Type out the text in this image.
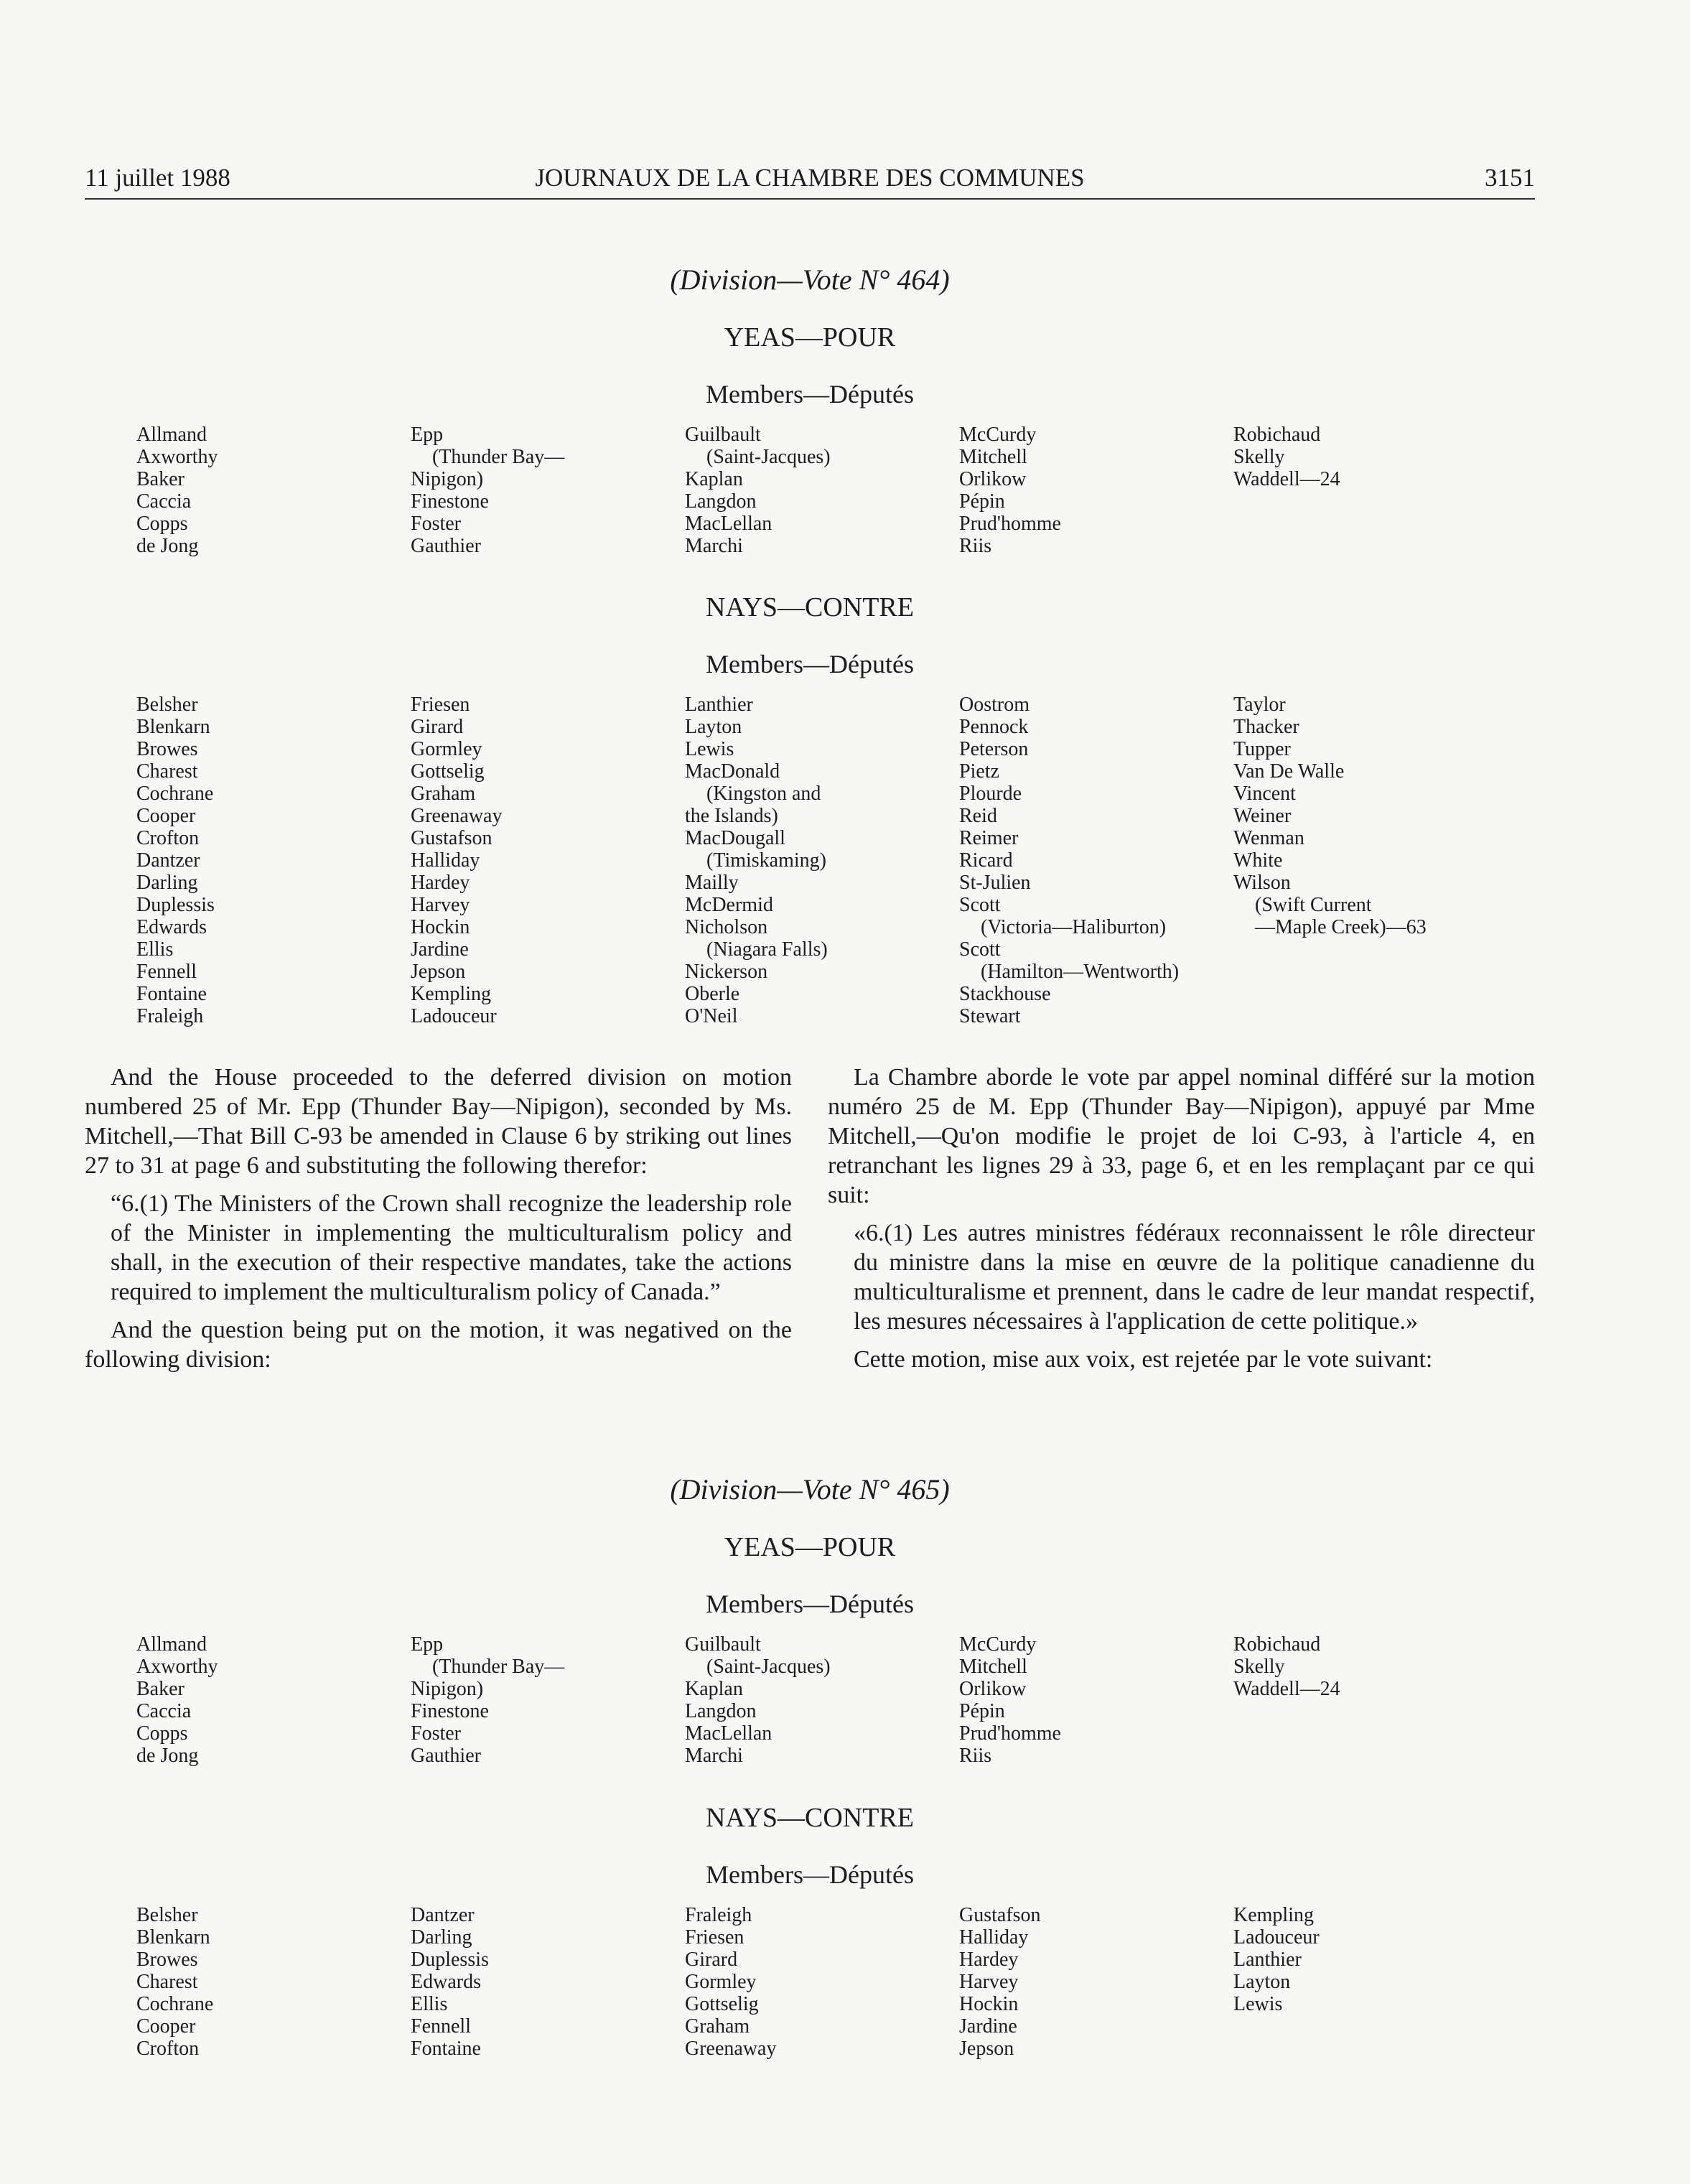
11 juillet 1988	JOURNAUX DE LA CHAMBRE DES COMMUNES	3151
(Division—Vote N° 464)
YEAS—POUR
Members—Députés
Allmand
Axworthy
Baker
Caccia
Copps
de Jong
Epp
(Thunder Bay—
Nipigon)
Finestone
Foster
Gauthier
Guilbault
(Saint-Jacques)
Kaplan
Langdon
MacLellan
Marchi
McCurdy
Mitchell
Orlikow
Pépin
Prud'homme
Riis
Robichaud
Skelly
Waddell—24
NAYS—CONTRE
Members—Députés
Belsher
Blenkarn
Browes
Charest
Cochrane
Cooper
Crofton
Dantzer
Darling
Duplessis
Edwards
Ellis
Fennell
Fontaine
Fraleigh
Friesen
Girard
Gormley
Gottselig
Graham
Greenaway
Gustafson
Halliday
Hardey
Harvey
Hockin
Jardine
Jepson
Kempling
Ladouceur
Lanthier
Layton
Lewis
MacDonald
(Kingston and
the Islands)
MacDougall
(Timiskaming)
Mailly
McDermid
Nicholson
(Niagara Falls)
Nickerson
Oberle
O'Neil
Oostrom
Pennock
Peterson
Pietz
Plourde
Reid
Reimer
Ricard
St-Julien
Scott
(Victoria—Haliburton)
Scott
(Hamilton—Wentworth)
Stackhouse
Stewart
Taylor
Thacker
Tupper
Van De Walle
Vincent
Weiner
Wenman
White
Wilson
(Swift Current
—Maple Creek)—63

And the House proceeded to the deferred division on motion numbered 25 of Mr. Epp (Thunder Bay—Nipigon), seconded by Ms. Mitchell,—That Bill C-93 be amended in Clause 6 by striking out lines 27 to 31 at page 6 and substituting the following therefor:

“6.(1) The Ministers of the Crown shall recognize the leadership role of the Minister in implementing the multiculturalism policy and shall, in the execution of their respective mandates, take the actions required to implement the multiculturalism policy of Canada.”

And the question being put on the motion, it was negatived on the following division:

La Chambre aborde le vote par appel nominal différé sur la motion numéro 25 de M. Epp (Thunder Bay—Nipigon), appuyé par Mme Mitchell,—Qu'on modifie le projet de loi C-93, à l'article 4, en retranchant les lignes 29 à 33, page 6, et en les remplaçant par ce qui suit:

«6.(1) Les autres ministres fédéraux reconnaissent le rôle directeur du ministre dans la mise en œuvre de la politique canadienne du multiculturalisme et prennent, dans le cadre de leur mandat respectif, les mesures nécessaires à l'application de cette politique.»

Cette motion, mise aux voix, est rejetée par le vote suivant:

(Division—Vote N° 465)
YEAS—POUR
Members—Députés
Allmand
Axworthy
Baker
Caccia
Copps
de Jong
Epp
(Thunder Bay—
Nipigon)
Finestone
Foster
Gauthier
Guilbault
(Saint-Jacques)
Kaplan
Langdon
MacLellan
Marchi
McCurdy
Mitchell
Orlikow
Pépin
Prud'homme
Riis
Robichaud
Skelly
Waddell—24
NAYS—CONTRE
Members—Députés
Belsher
Blenkarn
Browes
Charest
Cochrane
Cooper
Crofton
Dantzer
Darling
Duplessis
Edwards
Ellis
Fennell
Fontaine
Fraleigh
Friesen
Girard
Gormley
Gottselig
Graham
Greenaway
Gustafson
Halliday
Hardey
Harvey
Hockin
Jardine
Jepson
Kempling
Ladouceur
Lanthier
Layton
Lewis
